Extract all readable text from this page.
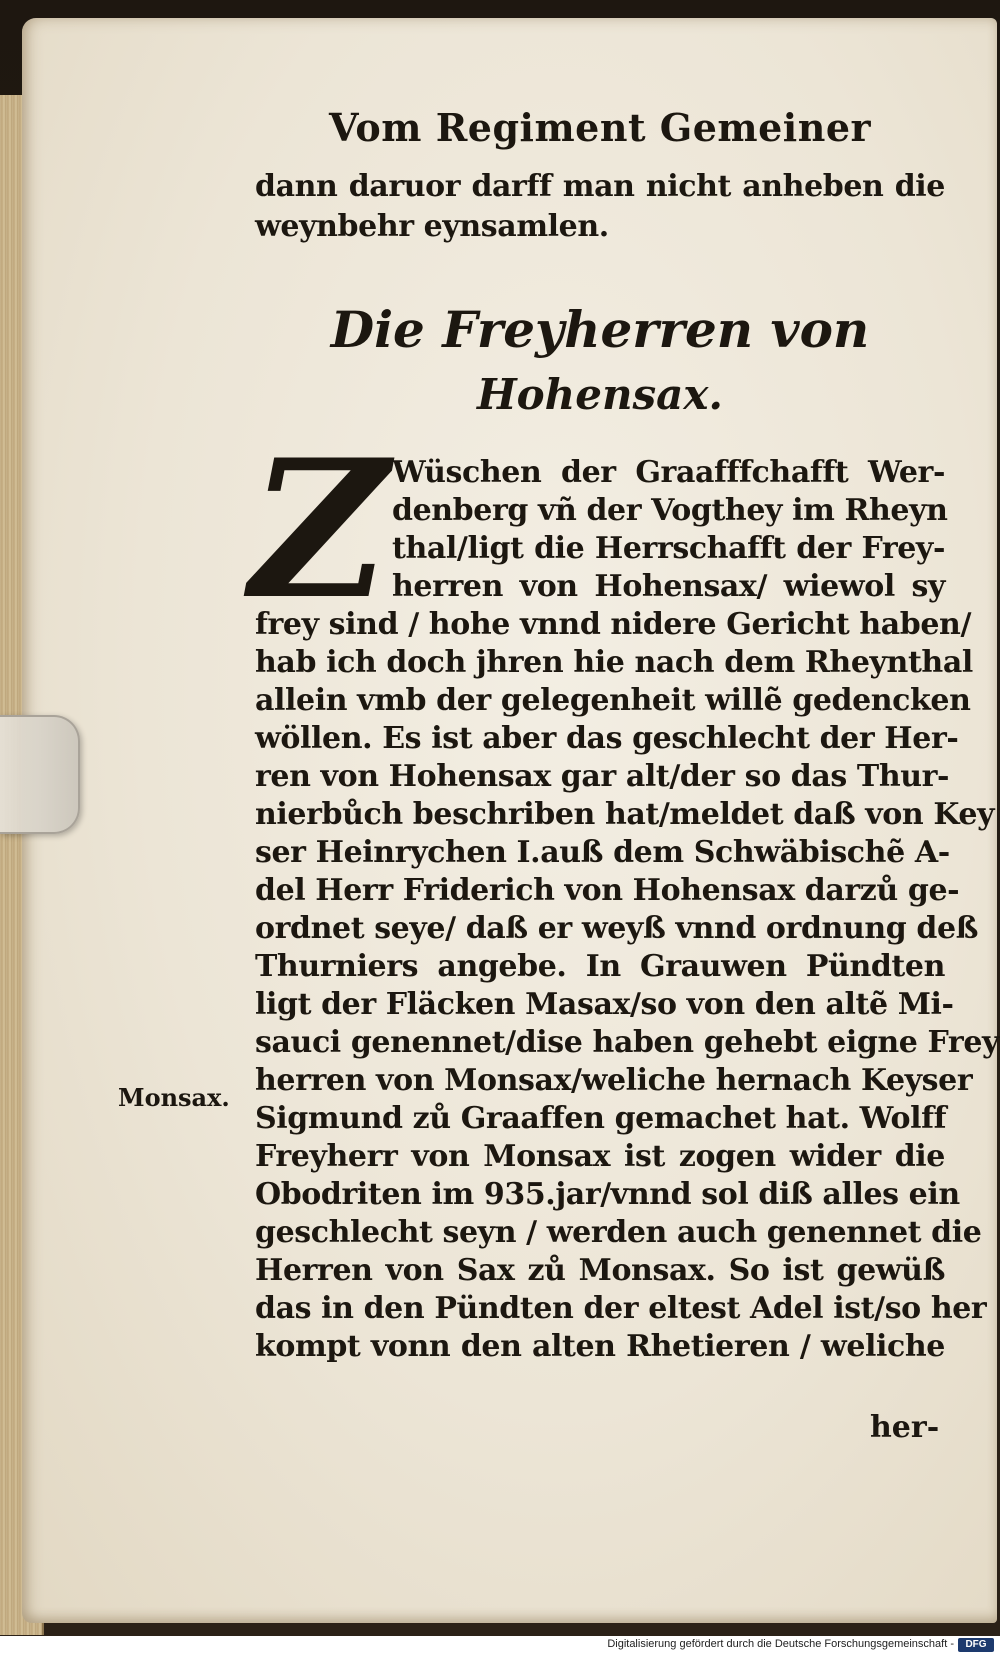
Vom Regiment Gemeiner
dann daruor darff man nicht anheben die
weynbehr eynsamlen.
Die Freyherren von
Hohensax.
Z Wüschen der Graafffchafft Wer-
denberg vñ der Vogthey im Rheyn
thal/ligt die Herrschafft der Frey-
herren von Hohensax/ wiewol sy
frey sind / hohe vnnd nidere Gericht haben/
hab ich doch jhren hie nach dem Rheynthal
allein vmb der gelegenheit willẽ gedencken
wöllen. Es ist aber das geschlecht der Her-
ren von Hohensax gar alt/der so das Thur-
nierbůch beschriben hat/meldet daß von Key
ser Heinrychen I.auß dem Schwäbischẽ A-
del Herr Friderich von Hohensax darzů ge-
ordnet seye/ daß er weyß vnnd ordnung deß
Thurniers angebe. In Grauwen Pündten
ligt der Fläcken Masax/so von den altẽ Mi-
sauci genennet/dise haben gehebt eigne Frey
herren von Monsax/weliche hernach Keyser
Sigmund zů Graaffen gemachet hat. Wolff
Freyherr von Monsax ist zogen wider die
Obodriten im 935.jar/vnnd sol diß alles ein
geschlecht seyn / werden auch genennet die
Herren von Sax zů Monsax. So ist gewüß
das in den Pündten der eltest Adel ist/so her
kompt vonn den alten Rhetieren / weliche
Monsax.
her-
Digitalisierung gefördert durch die Deutsche Forschungsgemeinschaft -	DFG
